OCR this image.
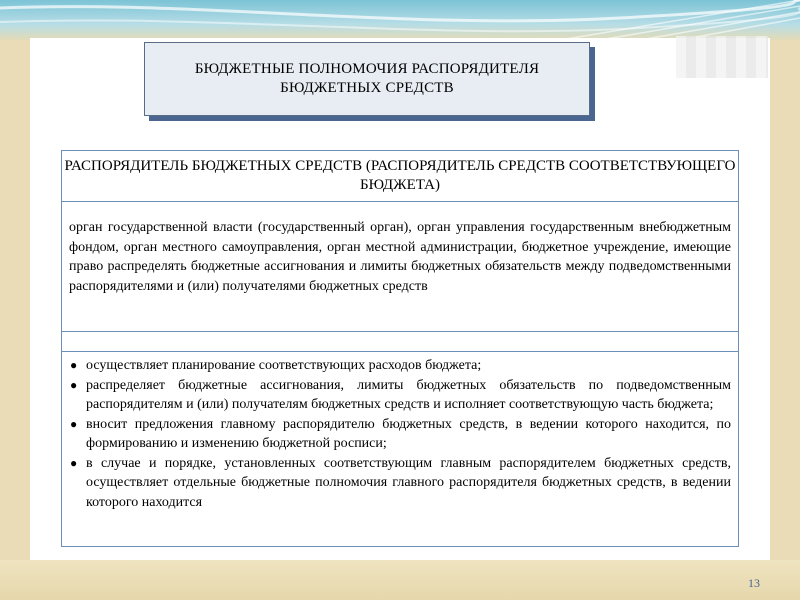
БЮДЖЕТНЫЕ ПОЛНОМОЧИЯ РАСПОРЯДИТЕЛЯ БЮДЖЕТНЫХ СРЕДСТВ
РАСПОРЯДИТЕЛЬ БЮДЖЕТНЫХ СРЕДСТВ (РАСПОРЯДИТЕЛЬ СРЕДСТВ СООТВЕТСТВУЮЩЕГО БЮДЖЕТА)
орган государственной власти (государственный орган), орган управления государственным внебюджетным фондом, орган местного самоуправления, орган местной администрации, бюджетное учреждение, имеющие право распределять бюджетные ассигнования и лимиты бюджетных обязательств между подведомственными распорядителями и (или) получателями бюджетных средств
● осуществляет планирование соответствующих расходов бюджета;
● распределяет бюджетные ассигнования, лимиты бюджетных обязательств по подведомственным распорядителям и (или) получателям бюджетных средств и исполняет соответствующую часть бюджета;
● вносит предложения главному распорядителю бюджетных средств, в ведении которого находится, по формированию и изменению бюджетной росписи;
● в случае и порядке, установленных соответствующим главным распорядителем бюджетных средств, осуществляет отдельные бюджетные полномочия главного распорядителя бюджетных средств, в ведении которого находится
13
